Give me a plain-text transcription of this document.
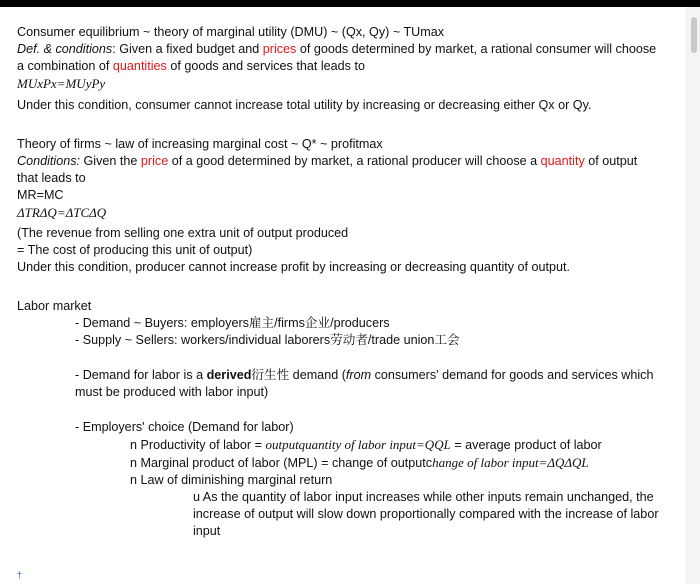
Consumer equilibrium ~ theory of marginal utility (DMU) ~ (Qx, Qy) ~ TUmax
Def. & conditions: Given a fixed budget and prices of goods determined by market, a rational consumer will choose a combination of quantities of goods and services that leads to
MUxPx=MUyPy
Under this condition, consumer cannot increase total utility by increasing or decreasing either Qx or Qy.
Theory of firms ~ law of increasing marginal cost ~ Q* ~ profitmax
Conditions: Given the price of a good determined by market, a rational producer will choose a quantity of output that leads to
MR=MC
ΔTRΔQ=ΔTCΔQ
(The revenue from selling one extra unit of output produced
= The cost of producing this unit of output)
Under this condition, producer cannot increase profit by increasing or decreasing quantity of output.
Labor market
- Demand ~ Buyers: employers雇主/firms企业/producers
- Supply ~ Sellers: workers/individual laborers劳动者/trade union工会
- Demand for labor is a derived衍生性 demand (from consumers' demand for goods and services which must be produced with labor input)
- Employers' choice (Demand for labor)
n Productivity of labor = outputquantity of labor input=QQL = average product of labor
n Marginal product of labor (MPL) = change of outputchange of labor input=ΔQΔQL
n Law of diminishing marginal return
u As the quantity of labor input increases while other inputs remain unchanged, the increase of output will slow down proportionally compared with the increase of labor input
†
